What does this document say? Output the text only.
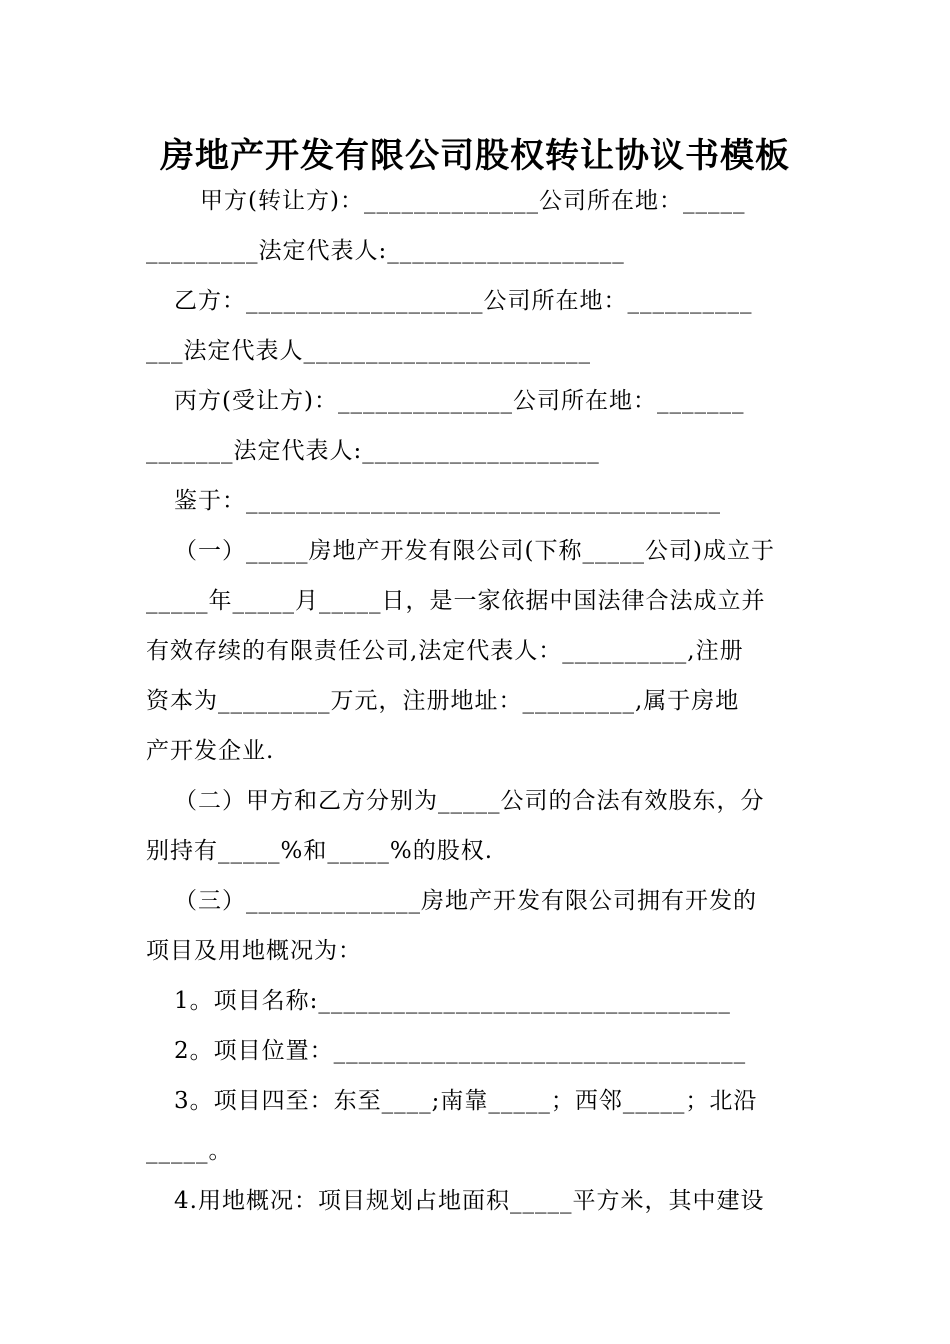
房地产开发有限公司股权转让协议书模板
甲方(转让方)：______________公司所在地：_____
_________法定代表人:___________________
乙方：___________________公司所在地：__________
___法定代表人_______________________
丙方(受让方)：______________公司所在地：_______
_______法定代表人:___________________
鉴于：______________________________________
（一）_____房地产开发有限公司(下称_____公司)成立于
_____年_____月_____日，是一家依据中国法律合法成立并
有效存续的有限责任公司,法定代表人：__________,注册
资本为_________万元，注册地址：_________,属于房地
产开发企业.
（二）甲方和乙方分别为_____公司的合法有效股东，分
别持有_____%和_____%的股权.
（三）______________房地产开发有限公司拥有开发的
项目及用地概况为：
1。项目名称:_________________________________
2。项目位置：_________________________________
3。项目四至：东至____;南靠_____；西邻_____；北沿
_____。
4.用地概况：项目规划占地面积_____平方米，其中建设
